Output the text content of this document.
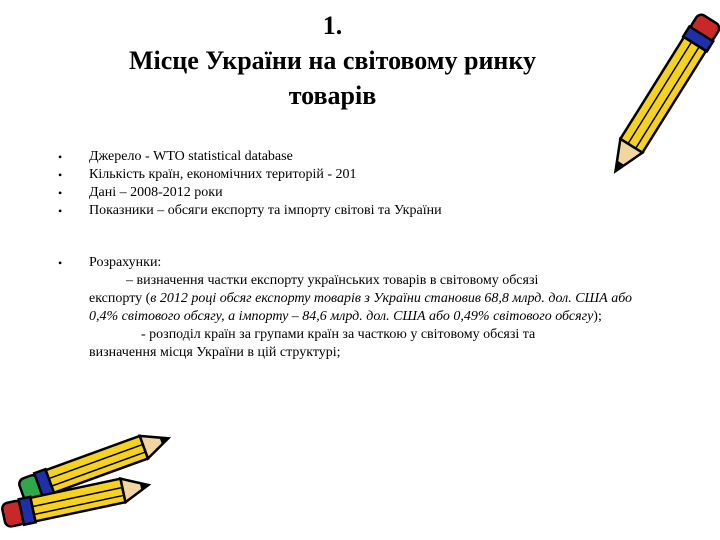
1.
Місце України на світовому ринку
товарів
• Джерело - WTO statistical database
• Кількість країн, економічних територій - 201
• Дані – 2008-2012 роки
• Показники – обсяги експорту та імпорту світові та України
• Розрахунки:
– визначення частки експорту українських товарів в світовому обсязі
експорту (в 2012 році обсяг експорту товарів з України становив 68,8 млрд. дол. США або 0,4% світового обсягу, а імпорту – 84,6 млрд. дол. США або 0,49% світового обсягу);
- розподіл країн за групами країн за часткою у світовому обсязі та
визначення місця України в цій структурі;
